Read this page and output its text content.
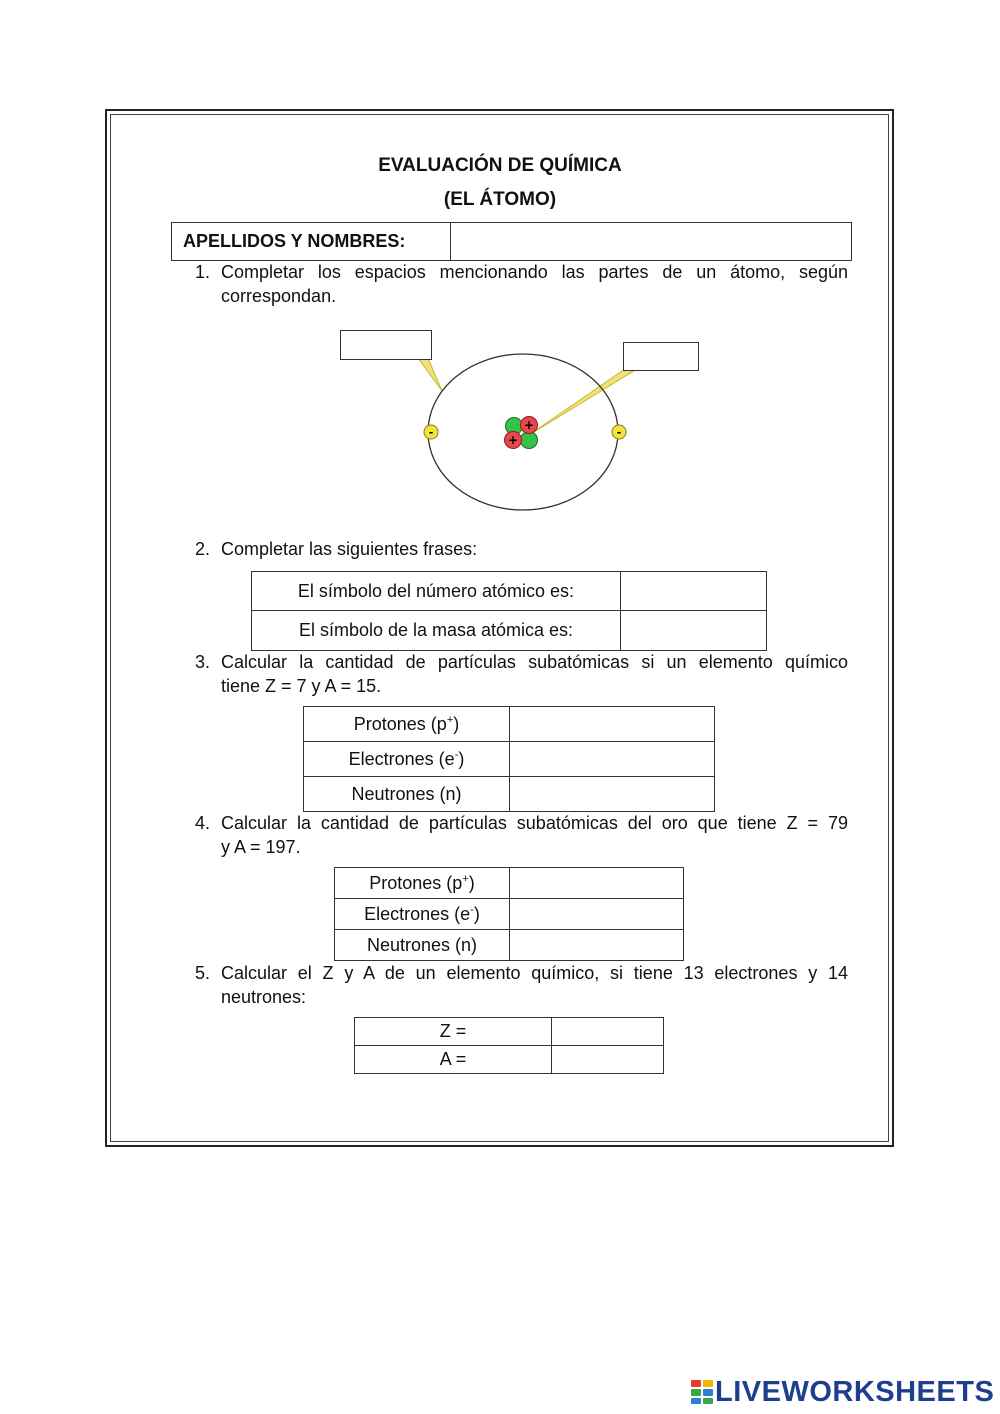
EVALUACIÓN DE QUÍMICA
(EL ÁTOMO)
APELLIDOS Y NOMBRES:	
1. Completar los espacios mencionando las partes de un átomo, según
correspondan.
+
+
-	-
2. Completar las siguientes frases:
El símbolo del número atómico es:	
El símbolo de la masa atómica es:	
3. Calcular la cantidad de partículas subatómicas si un elemento químico
tiene Z = 7 y A = 15.
Protones (p+)	
Electrones (e-)	
Neutrones (n)	
4. Calcular la cantidad de partículas subatómicas del oro que tiene Z = 79
y A = 197.
Protones (p+)	
Electrones (e-)	
Neutrones (n)	
5. Calcular el Z y A de un elemento químico, si tiene 13 electrones y 14
neutrones:
Z =	
A =	
LIVEWORKSHEETS
